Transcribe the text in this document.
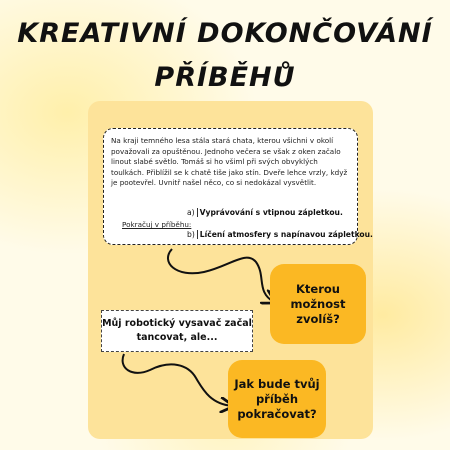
KREATIVNÍ DOKONČOVÁNÍ
PŘÍBĚHŮ

Na kraji temného lesa stála stará chata, kterou všichni v okolí považovali za opuštěnou. Jednoho večera se však z oken začalo linout slabé světlo. Tomáš si ho všiml při svých obvyklých toulkách. Přiblížil se k chatě tiše jako stín. Dveře lehce vrzly, když je pootevřel. Uvnitř našel něco, co si nedokázal vysvětlit.

Pokračuj v příběhu:
a) Vyprávování s vtipnou zápletkou.
b) Líčení atmosfery s napínavou zápletkou.
Kterou možnost zvolíš?
Můj robotický vysavač začal tancovat, ale...
Jak bude tvůj příběh pokračovat?
